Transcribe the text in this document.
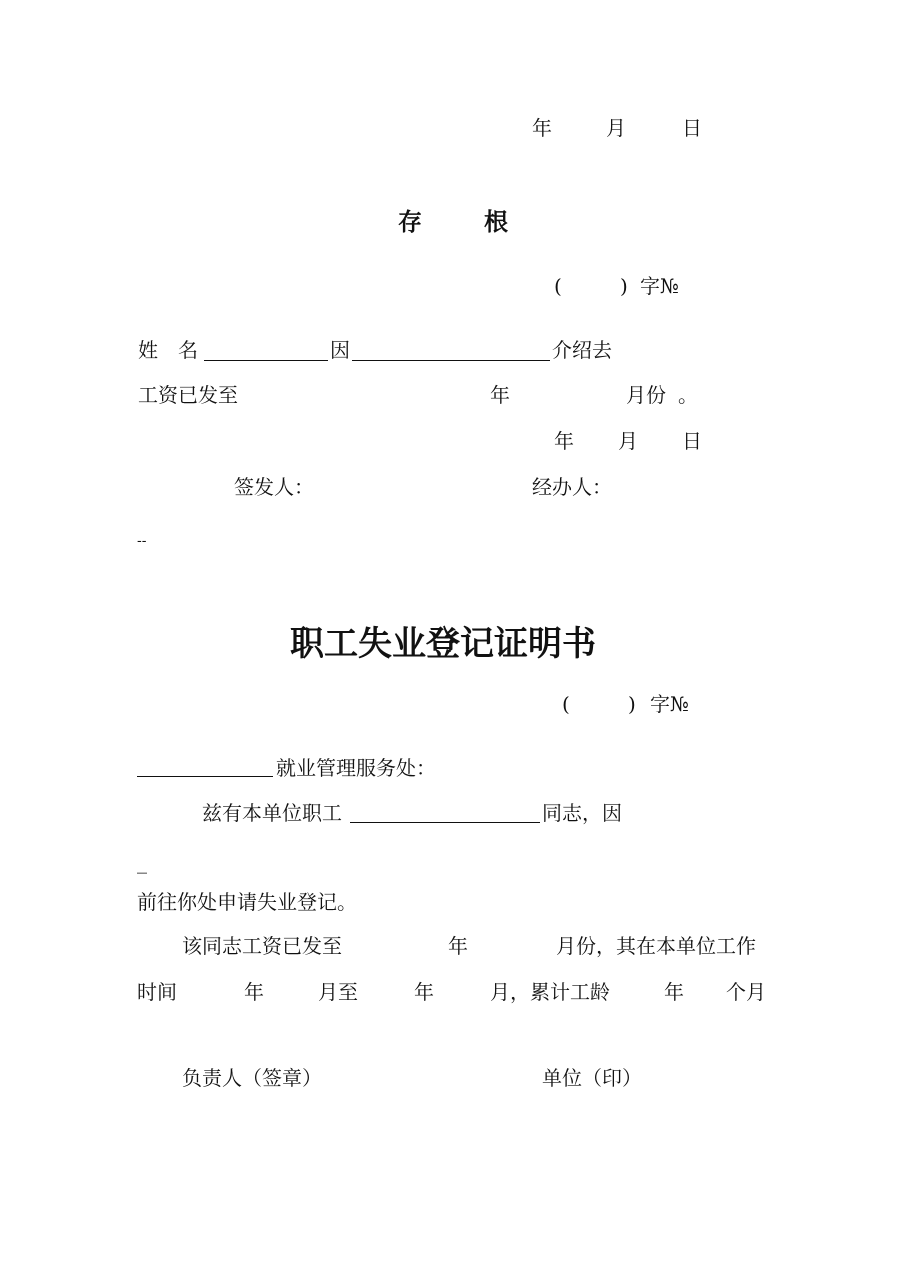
年	月	日
存	根
(	) 字№
姓　名	因	介绍去
工资已发至	年	月份 。
年 月 日
签发人：	经办人：
--
职工失业登记证明书
(	) 字№
就业管理服务处：
兹有本单位职工	同志，因
_
前往你处申请失业登记。
该同志工资已发至	年	月份，其在本单位工作
时间	年	月至	年	月，累计工龄	年 个月
负责人（签章）	单位（印）
